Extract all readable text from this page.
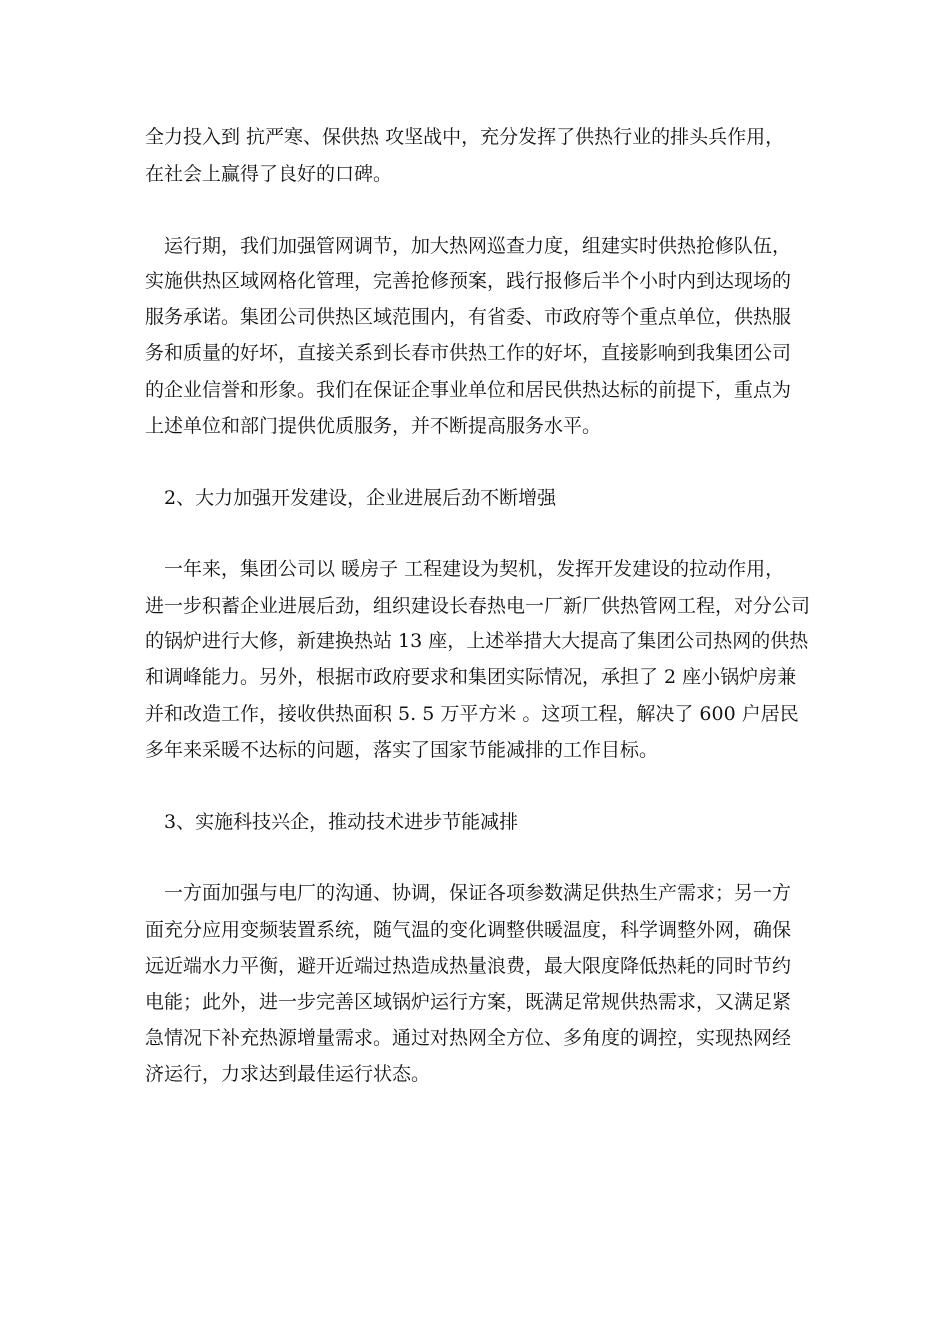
全力投入到 抗严寒、保供热 攻坚战中，充分发挥了供热行业的排头兵作用，
在社会上赢得了良好的口碑。
运行期，我们加强管网调节，加大热网巡查力度，组建实时供热抢修队伍，
实施供热区域网格化管理，完善抢修预案，践行报修后半个小时内到达现场的
服务承诺。集团公司供热区域范围内，有省委、市政府等个重点单位，供热服
务和质量的好坏，直接关系到长春市供热工作的好坏，直接影响到我集团公司
的企业信誉和形象。我们在保证企事业单位和居民供热达标的前提下，重点为
上述单位和部门提供优质服务，并不断提高服务水平。
2、大力加强开发建设，企业进展后劲不断增强
一年来，集团公司以 暖房子 工程建设为契机，发挥开发建设的拉动作用，
进一步积蓄企业进展后劲，组织建设长春热电一厂新厂供热管网工程，对分公司
的锅炉进行大修，新建换热站 13 座，上述举措大大提高了集团公司热网的供热
和调峰能力。另外，根据市政府要求和集团实际情况，承担了 2 座小锅炉房兼
并和改造工作，接收供热面积 5. 5 万平方米 。这项工程，解决了 600 户居民
多年来采暖不达标的问题，落实了国家节能减排的工作目标。
3、实施科技兴企，推动技术进步节能减排
一方面加强与电厂的沟通、协调，保证各项参数满足供热生产需求；另一方
面充分应用变频装置系统，随气温的变化调整供暖温度，科学调整外网，确保
远近端水力平衡，避开近端过热造成热量浪费，最大限度降低热耗的同时节约
电能；此外，进一步完善区域锅炉运行方案，既满足常规供热需求，又满足紧
急情况下补充热源增量需求。通过对热网全方位、多角度的调控，实现热网经
济运行，力求达到最佳运行状态。
